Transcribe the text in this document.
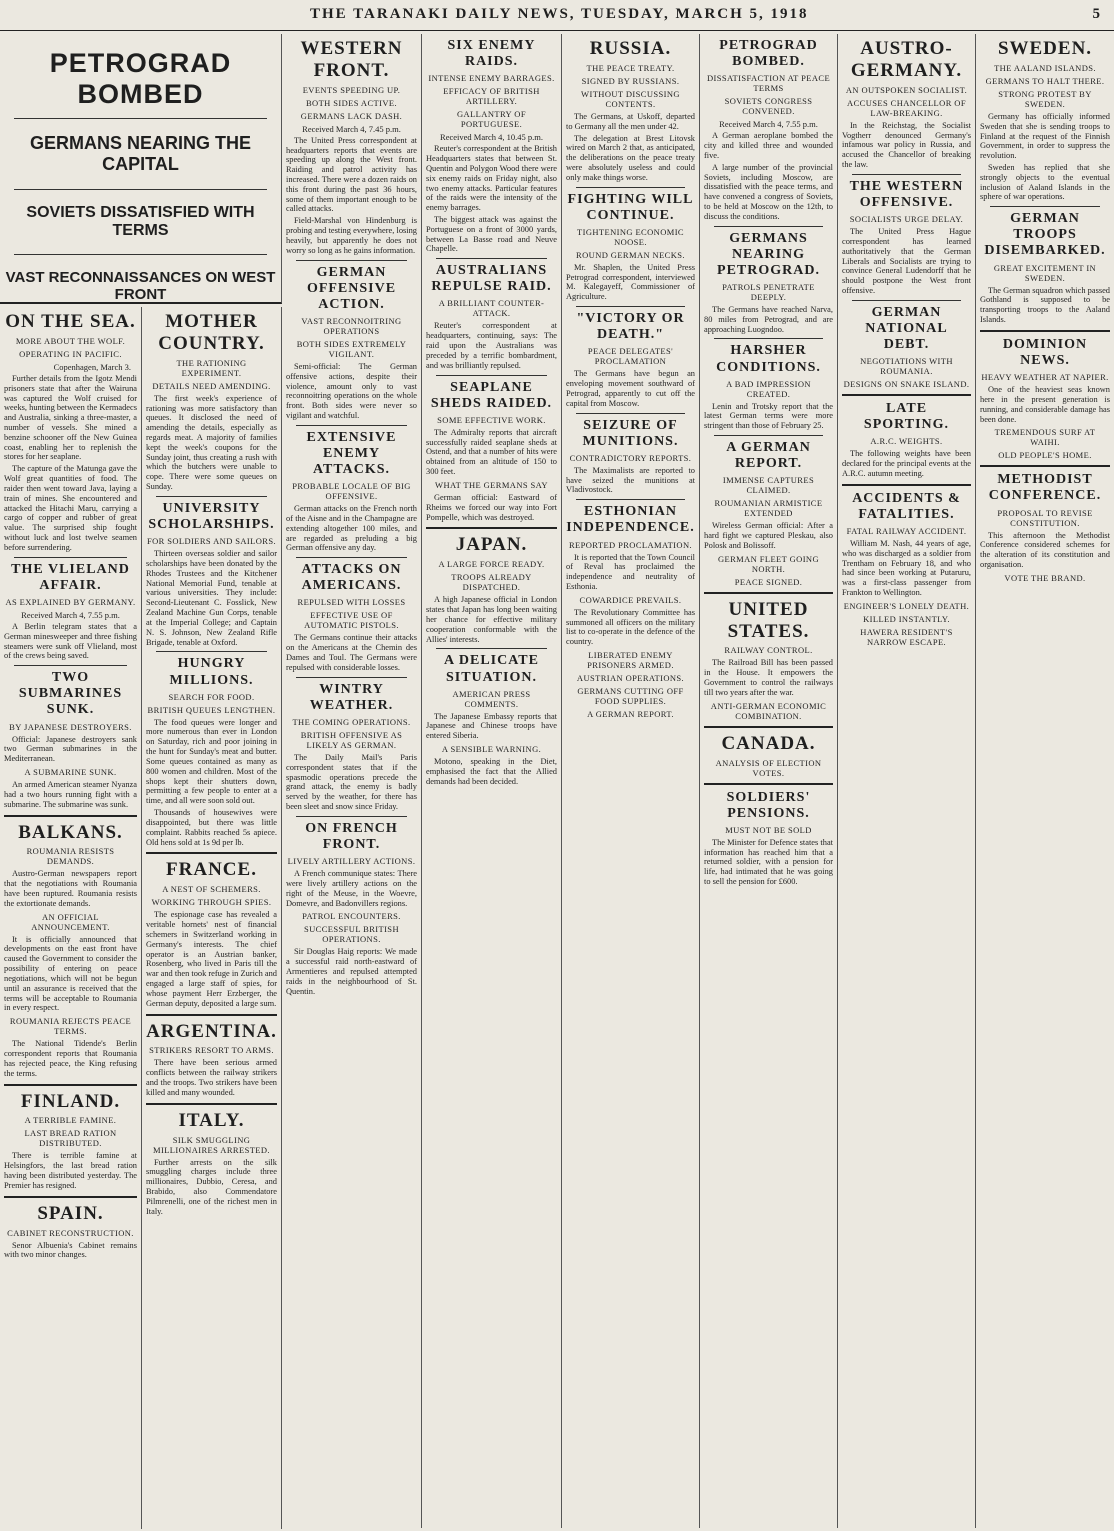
THE TARANAKI DAILY NEWS, TUESDAY, MARCH 5, 1918	5
PETROGRAD BOMBED
GERMANS NEARING THE CAPITAL
SOVIETS DISSATISFIED WITH TERMS
VAST RECONNAISSANCES ON WEST FRONT
ON THE SEA.
MORE ABOUT THE WOLF.
OPERATING IN PACIFIC.
Copenhagen, March 3.

Further details from the Igotz Mendi prisoners state that after the Wairuna was captured the Wolf cruised for weeks, hunting between the Kermadecs and Australia, sinking a three-master, a number of vessels. She mined a benzine schooner off the New Guinea coast, enabling her to replenish the stores for her seaplane.

The capture of the Matunga gave the Wolf great quantities of food. The raider then went toward Java, laying a train of mines. She encountered and attacked the Hitachi Maru, carrying a cargo of copper and rubber of great value. The surprised ship fought without luck and lost twelve seamen before surrendering.

THE VLIELAND AFFAIR.
AS EXPLAINED BY GERMANY.
Received March 4, 7.55 p.m.

A Berlin telegram states that a German minesweeper and three fishing steamers were sunk off Vlieland, most of the crews being saved.

TWO SUBMARINES SUNK.
BY JAPANESE DESTROYERS.

Official: Japanese destroyers sank two German submarines in the Mediterranean.

A SUBMARINE SUNK.

An armed American steamer Nyanza had a two hours running fight with a submarine. The submarine was sunk.

BALKANS.
ROUMANIA RESISTS DEMANDS.

Austro-German newspapers report that the negotiations with Roumania have been ruptured. Roumania resists the extortionate demands.

AN OFFICIAL ANNOUNCEMENT.

It is officially announced that developments on the east front have caused the Government to consider the possibility of entering on peace negotiations, which will not be begun until an assurance is received that the terms will be acceptable to Roumania in every respect.

ROUMANIA REJECTS PEACE TERMS.

The National Tidende's Berlin correspondent reports that Roumania has rejected peace, the King refusing the terms.

FINLAND.
A TERRIBLE FAMINE.
LAST BREAD RATION DISTRIBUTED.

There is terrible famine at Helsingfors, the last bread ration having been distributed yesterday. The Premier has resigned.

SPAIN.
CABINET RECONSTRUCTION.

Senor Albuenia's Cabinet remains with two minor changes.

MOTHER COUNTRY.
THE RATIONING EXPERIMENT.
DETAILS NEED AMENDING.

The first week's experience of rationing was more satisfactory than queues. It disclosed the need of amending the details, especially as regards meat. A majority of families kept the week's coupons for the Sunday joint, thus creating a rush with which the butchers were unable to cope. There were some queues on Sunday.

UNIVERSITY SCHOLARSHIPS.
FOR SOLDIERS AND SAILORS.

Thirteen overseas soldier and sailor scholarships have been donated by the Rhodes Trustees and the Kitchener National Memorial Fund, tenable at various universities. They include: Second-Lieutenant C. Fosslick, New Zealand Machine Gun Corps, tenable at the Imperial College; and Captain N. S. Johnson, New Zealand Rifle Brigade, tenable at Oxford.

HUNGRY MILLIONS.
SEARCH FOR FOOD.
BRITISH QUEUES LENGTHEN.

The food queues were longer and more numerous than ever in London on Saturday, rich and poor joining in the hunt for Sunday's meat and butter. Some queues contained as many as 800 women and children. Most of the shops kept their shutters down, permitting a few people to enter at a time, and all were soon sold out.

Thousands of housewives were disappointed, but there was little complaint. Rabbits reached 5s apiece. Old hens sold at 1s 9d per lb.

FRANCE.
A NEST OF SCHEMERS.
WORKING THROUGH SPIES.

The espionage case has revealed a veritable hornets' nest of financial schemers in Switzerland working in Germany's interests. The chief operator is an Austrian banker, Rosenberg, who lived in Paris till the war and then took refuge in Zurich and engaged a large staff of spies, for whose payment Herr Erzberger, the German deputy, deposited a large sum.

ARGENTINA.
STRIKERS RESORT TO ARMS.

There have been serious armed conflicts between the railway strikers and the troops. Two strikers have been killed and many wounded.

ITALY.
SILK SMUGGLING MILLIONAIRES ARRESTED.

Further arrests on the silk smuggling charges include three millionaires, Dubbio, Ceresa, and Brabido, also Commendatore Pilmrenelli, one of the richest men in Italy.

WESTERN FRONT.
EVENTS SPEEDING UP.
BOTH SIDES ACTIVE.
GERMANS LACK DASH.
Received March 4, 7.45 p.m.

The United Press correspondent at headquarters reports that events are speeding up along the West front. Raiding and patrol activity has increased. There were a dozen raids on this front during the past 36 hours, some of them important enough to be called attacks.

Field-Marshal von Hindenburg is probing and testing everywhere, losing heavily, but apparently he does not worry so long as he gains information.

GERMAN OFFENSIVE ACTION.
VAST RECONNOITRING OPERATIONS
BOTH SIDES EXTREMELY VIGILANT.

Semi-official: The German offensive actions, despite their violence, amount only to vast reconnoitring operations on the whole front. Both sides were never so vigilant and watchful.

EXTENSIVE ENEMY ATTACKS.
PROBABLE LOCALE OF BIG OFFENSIVE.

German attacks on the French north of the Aisne and in the Champagne are extending altogether 100 miles, and are regarded as preluding a big German offensive any day.

ATTACKS ON AMERICANS.
REPULSED WITH LOSSES
EFFECTIVE USE OF AUTOMATIC PISTOLS.

The Germans continue their attacks on the Americans at the Chemin des Dames and Toul. The Germans were repulsed with considerable losses.

WINTRY WEATHER.
THE COMING OPERATIONS.
BRITISH OFFENSIVE AS LIKELY AS GERMAN.

The Daily Mail's Paris correspondent states that if the spasmodic operations precede the grand attack, the enemy is badly served by the weather, for there has been sleet and snow since Friday.

ON FRENCH FRONT.
LIVELY ARTILLERY ACTIONS.

A French communique states: There were lively artillery actions on the right of the Meuse, in the Woevre, Domevre, and Badonvillers regions.

PATROL ENCOUNTERS.
SUCCESSFUL BRITISH OPERATIONS.

Sir Douglas Haig reports: We made a successful raid north-eastward of Armentieres and repulsed attempted raids in the neighbourhood of St. Quentin.

SIX ENEMY RAIDS.
INTENSE ENEMY BARRAGES.
EFFICACY OF BRITISH ARTILLERY.
GALLANTRY OF PORTUGUESE.
Received March 4, 10.45 p.m.

Reuter's correspondent at the British Headquarters states that between St. Quentin and Polygon Wood there were six enemy raids on Friday night, also two enemy attacks. Particular features of the raids were the intensity of the enemy barrages.

The biggest attack was against the Portuguese on a front of 3000 yards, between La Basse road and Neuve Chapelle.

AUSTRALIANS REPULSE RAID.
A BRILLIANT COUNTER-ATTACK.

Reuter's correspondent at headquarters, continuing, says: The raid upon the Australians was preceded by a terrific bombardment, and was brilliantly repulsed.

SEAPLANE SHEDS RAIDED.
SOME EFFECTIVE WORK.

The Admiralty reports that aircraft successfully raided seaplane sheds at Ostend, and that a number of hits were obtained from an altitude of 150 to 300 feet.

WHAT THE GERMANS SAY

German official: Eastward of Rheims we forced our way into Fort Pompelle, which was destroyed.

JAPAN.
A LARGE FORCE READY.
TROOPS ALREADY DISPATCHED.

A high Japanese official in London states that Japan has long been waiting her chance for effective military cooperation conformable with the Allies' interests.

A DELICATE SITUATION.
AMERICAN PRESS COMMENTS.

The Japanese Embassy reports that Japanese and Chinese troops have entered Siberia.

A SENSIBLE WARNING.

Motono, speaking in the Diet, emphasised the fact that the Allied demands had been decided.

RUSSIA.
THE PEACE TREATY.
SIGNED BY RUSSIANS.
WITHOUT DISCUSSING CONTENTS.

The Germans, at Uskoff, departed to Germany all the men under 42.

The delegation at Brest Litovsk wired on March 2 that, as anticipated, the deliberations on the peace treaty were absolutely useless and could only make things worse.

FIGHTING WILL CONTINUE.
TIGHTENING ECONOMIC NOOSE.
ROUND GERMAN NECKS.

Mr. Shaplen, the United Press Petrograd correspondent, interviewed M. Kalegayeff, Commissioner of Agriculture.

"VICTORY OR DEATH."
PEACE DELEGATES' PROCLAMATION

The Germans have begun an enveloping movement southward of Petrograd, apparently to cut off the capital from Moscow.

SEIZURE OF MUNITIONS.
CONTRADICTORY REPORTS.

The Maximalists are reported to have seized the munitions at Vladivostock.

ESTHONIAN INDEPENDENCE.
REPORTED PROCLAMATION.

It is reported that the Town Council of Reval has proclaimed the independence and neutrality of Esthonia.

COWARDICE PREVAILS.

The Revolutionary Committee has summoned all officers on the military list to co-operate in the defence of the country.

LIBERATED ENEMY PRISONERS ARMED.
AUSTRIAN OPERATIONS.
GERMANS CUTTING OFF FOOD SUPPLIES.
A GERMAN REPORT.
PETROGRAD BOMBED.
DISSATISFACTION AT PEACE TERMS
SOVIETS CONGRESS CONVENED.
Received March 4, 7.55 p.m.

A German aeroplane bombed the city and killed three and wounded five.

A large number of the provincial Soviets, including Moscow, are dissatisfied with the peace terms, and have convened a congress of Soviets, to be held at Moscow on the 12th, to discuss the conditions.

GERMANS NEARING PETROGRAD.
PATROLS PENETRATE DEEPLY.

The Germans have reached Narva, 80 miles from Petrograd, and are approaching Luogndoo.

HARSHER CONDITIONS.
A BAD IMPRESSION CREATED.

Lenin and Trotsky report that the latest German terms were more stringent than those of February 25.

A GERMAN REPORT.
IMMENSE CAPTURES CLAIMED.
ROUMANIAN ARMISTICE EXTENDED

Wireless German official: After a hard fight we captured Pleskau, also Polosk and Bolissoff.

GERMAN FLEET GOING NORTH.
PEACE SIGNED.
UNITED STATES.
RAILWAY CONTROL.

The Railroad Bill has been passed in the House. It empowers the Government to control the railways till two years after the war.

ANTI-GERMAN ECONOMIC COMBINATION.
CANADA.
ANALYSIS OF ELECTION VOTES.
SOLDIERS' PENSIONS.
MUST NOT BE SOLD

The Minister for Defence states that information has reached him that a returned soldier, with a pension for life, had intimated that he was going to sell the pension for £600.

AUSTRO-GERMANY.
AN OUTSPOKEN SOCIALIST.
ACCUSES CHANCELLOR OF LAW-BREAKING.

In the Reichstag, the Socialist Vogtherr denounced Germany's infamous war policy in Russia, and accused the Chancellor of breaking the law.

THE WESTERN OFFENSIVE.
SOCIALISTS URGE DELAY.

The United Press Hague correspondent has learned authoritatively that the German Liberals and Socialists are trying to convince General Ludendorff that he should postpone the West front offensive.

GERMAN NATIONAL DEBT.
NEGOTIATIONS WITH ROUMANIA.
DESIGNS ON SNAKE ISLAND.
LATE SPORTING.
A.R.C. WEIGHTS.

The following weights have been declared for the principal events at the A.R.C. autumn meeting.

ACCIDENTS & FATALITIES.
FATAL RAILWAY ACCIDENT.

William M. Nash, 44 years of age, who was discharged as a soldier from Trentham on February 18, and who had since been working at Putaruru, was a first-class passenger from Frankton to Wellington.

ENGINEER'S LONELY DEATH.
KILLED INSTANTLY.
HAWERA RESIDENT'S NARROW ESCAPE.
SWEDEN.
THE AALAND ISLANDS.
GERMANS TO HALT THERE.
STRONG PROTEST BY SWEDEN.

Germany has officially informed Sweden that she is sending troops to Finland at the request of the Finnish Government, in order to suppress the revolution.

Sweden has replied that she strongly objects to the eventual inclusion of Aaland Islands in the sphere of war operations.

GERMAN TROOPS DISEMBARKED.
GREAT EXCITEMENT IN SWEDEN.

The German squadron which passed Gothland is supposed to be transporting troops to the Aaland Islands.

DOMINION NEWS.
HEAVY WEATHER AT NAPIER.

One of the heaviest seas known here in the present generation is running, and considerable damage has been done.

TREMENDOUS SURF AT WAIHI.
OLD PEOPLE'S HOME.
METHODIST CONFERENCE.
PROPOSAL TO REVISE CONSTITUTION.

This afternoon the Methodist Conference considered schemes for the alteration of its constitution and organisation.

VOTE THE BRAND.
